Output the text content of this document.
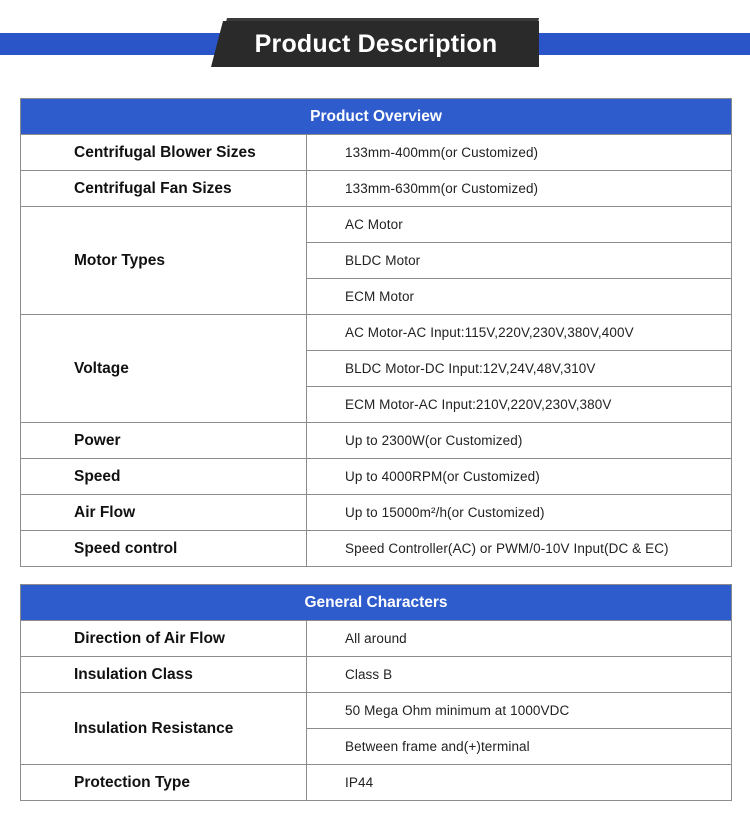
Product Description
Product Overview	
Centrifugal Blower Sizes	133mm-400mm(or Customized)
Centrifugal Fan Sizes	133mm-630mm(or Customized)
Motor Types	AC Motor
	BLDC Motor
	ECM Motor
Voltage	AC Motor-AC Input:115V,220V,230V,380V,400V
	BLDC Motor-DC Input:12V,24V,48V,310V
	ECM Motor-AC Input:210V,220V,230V,380V
Power	Up to 2300W(or Customized)
Speed	Up to 4000RPM(or Customized)
Air Flow	Up to 15000m²/h(or Customized)
Speed control	Speed Controller(AC) or PWM/0-10V Input(DC & EC)
General Characters	
Direction of Air Flow	All around
Insulation Class	Class B
Insulation Resistance	50 Mega Ohm minimum at 1000VDC
	Between frame and(+)terminal
Protection Type	IP44
